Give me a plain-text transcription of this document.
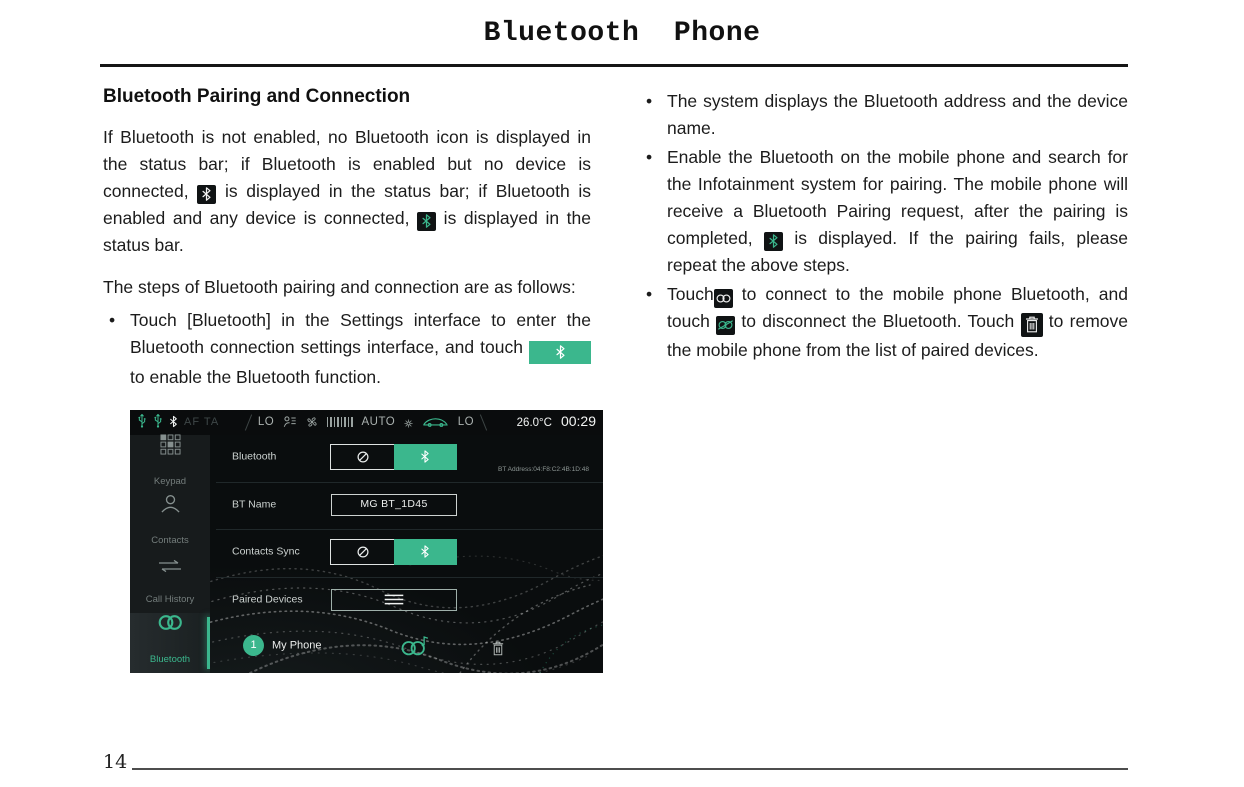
Bluetooth  Phone
Bluetooth Pairing and Connection

If Bluetooth is not enabled, no Bluetooth icon is displayed in the status bar; if Bluetooth is enabled but no device is connected,
is displayed in the status bar; if Bluetooth is enabled and any device is connected,
is displayed in the status bar.

The steps of Bluetooth pairing and connection are as follows:

• Touch [Bluetooth] in the Settings interface to enter the Bluetooth connection settings interface, and touch
to enable the Bluetooth function.
AF TA	LO	AUTO	LO	26.0°C 00:29
Keypad
Contacts
Call History
Bluetooth
Bluetooth
BT Address:04:F8:C2:4B:1D:48
BT Name	MG BT_1D45
Contacts Sync
Paired Devices
1	My Phone
• The system displays the Bluetooth address and the device name.
• Enable the Bluetooth on the mobile phone and search for the Infotainment system for pairing. The mobile phone will receive a Bluetooth Pairing request, after the pairing is completed,
is displayed. If the pairing fails, please repeat the above steps.
• Touch
to connect to the mobile phone Bluetooth, and touch
to disconnect the Bluetooth. Touch
to remove the mobile phone from the list of paired devices.
14
